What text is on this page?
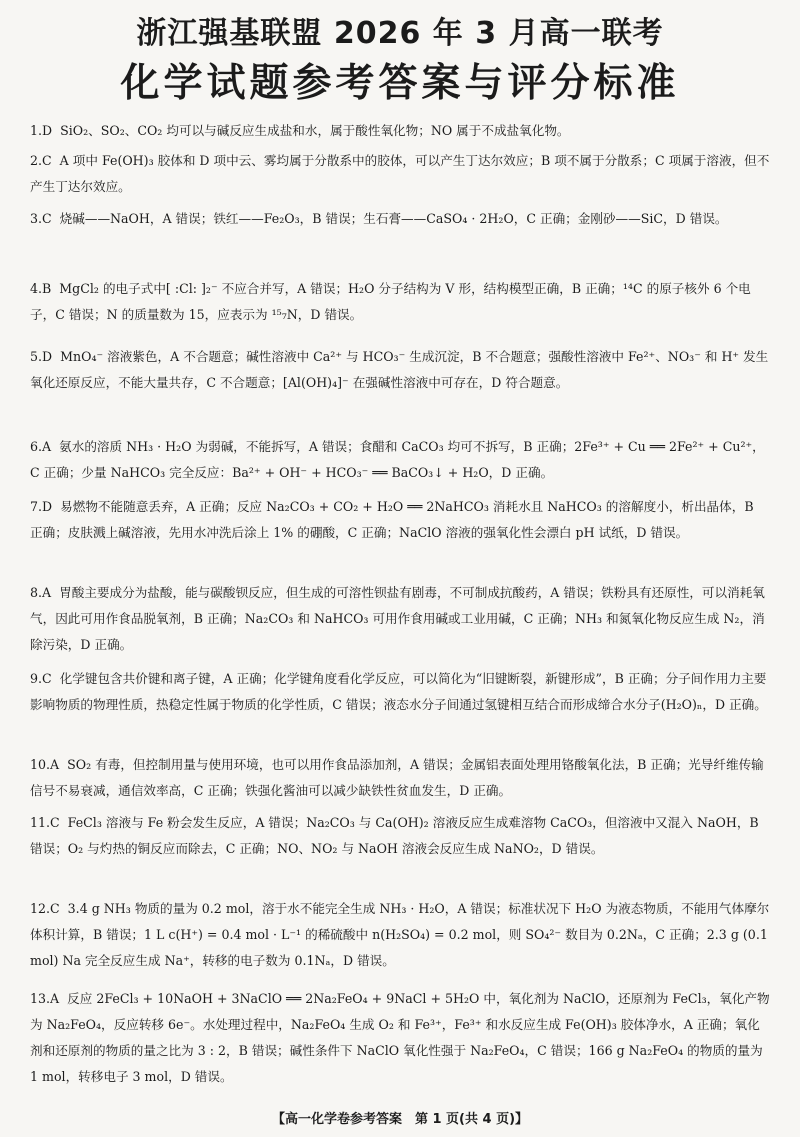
浙江强基联盟 2026 年 3 月高一联考
化学试题参考答案与评分标准
1.D SiO₂、SO₂、CO₂ 均可以与碱反应生成盐和水，属于酸性氧化物；NO 属于不成盐氧化物。
2.C A 项中 Fe(OH)₃ 胶体和 D 项中云、雾均属于分散系中的胶体，可以产生丁达尔效应；B 项不属于分散系；C 项属于溶液，但不产生丁达尔效应。
3.C 烧碱——NaOH，A 错误；铁红——Fe₂O₃，B 错误；生石膏——CaSO₄ · 2H₂O，C 正确；金刚砂——SiC，D 错误。
4.B MgCl₂ 的电子式中[ :Cl: ]₂⁻ 不应合并写，A 错误；H₂O 分子结构为 V 形，结构模型正确，B 正确；¹⁴C 的原子核外 6 个电子，C 错误；N 的质量数为 15，应表示为 ¹⁵₇N，D 错误。
5.D MnO₄⁻ 溶液紫色，A 不合题意；碱性溶液中 Ca²⁺ 与 HCO₃⁻ 生成沉淀，B 不合题意；强酸性溶液中 Fe²⁺、NO₃⁻ 和 H⁺ 发生氧化还原反应，不能大量共存，C 不合题意；[Al(OH)₄]⁻ 在强碱性溶液中可存在，D 符合题意。
6.A 氨水的溶质 NH₃ · H₂O 为弱碱，不能拆写，A 错误；食醋和 CaCO₃ 均可不拆写，B 正确；2Fe³⁺ + Cu ══ 2Fe²⁺ + Cu²⁺，C 正确；少量 NaHCO₃ 完全反应：Ba²⁺ + OH⁻ + HCO₃⁻ ══ BaCO₃↓ + H₂O，D 正确。
7.D 易燃物不能随意丢弃，A 正确；反应 Na₂CO₃ + CO₂ + H₂O ══ 2NaHCO₃ 消耗水且 NaHCO₃ 的溶解度小，析出晶体，B 正确；皮肤溅上碱溶液，先用水冲洗后涂上 1% 的硼酸，C 正确；NaClO 溶液的强氧化性会漂白 pH 试纸，D 错误。
8.A 胃酸主要成分为盐酸，能与碳酸钡反应，但生成的可溶性钡盐有剧毒，不可制成抗酸药，A 错误；铁粉具有还原性，可以消耗氧气，因此可用作食品脱氧剂，B 正确；Na₂CO₃ 和 NaHCO₃ 可用作食用碱或工业用碱，C 正确；NH₃ 和氮氧化物反应生成 N₂，消除污染，D 正确。
9.C 化学键包含共价键和离子键，A 正确；化学键角度看化学反应，可以简化为“旧键断裂，新键形成”，B 正确；分子间作用力主要影响物质的物理性质，热稳定性属于物质的化学性质，C 错误；液态水分子间通过氢键相互结合而形成缔合水分子(H₂O)ₙ，D 正确。
10.A SO₂ 有毒，但控制用量与使用环境，也可以用作食品添加剂，A 错误；金属铝表面处理用铬酸氧化法，B 正确；光导纤维传输信号不易衰减，通信效率高，C 正确；铁强化酱油可以减少缺铁性贫血发生，D 正确。
11.C FeCl₃ 溶液与 Fe 粉会发生反应，A 错误；Na₂CO₃ 与 Ca(OH)₂ 溶液反应生成难溶物 CaCO₃，但溶液中又混入 NaOH，B 错误；O₂ 与灼热的铜反应而除去，C 正确；NO、NO₂ 与 NaOH 溶液会反应生成 NaNO₂，D 错误。
12.C 3.4 g NH₃ 物质的量为 0.2 mol，溶于水不能完全生成 NH₃ · H₂O，A 错误；标准状况下 H₂O 为液态物质，不能用气体摩尔体积计算，B 错误；1 L c(H⁺) = 0.4 mol · L⁻¹ 的稀硫酸中 n(H₂SO₄) = 0.2 mol，则 SO₄²⁻ 数目为 0.2Nₐ，C 正确；2.3 g (0.1 mol) Na 完全反应生成 Na⁺，转移的电子数为 0.1Nₐ，D 错误。
13.A 反应 2FeCl₃ + 10NaOH + 3NaClO ══ 2Na₂FeO₄ + 9NaCl + 5H₂O 中，氧化剂为 NaClO，还原剂为 FeCl₃，氧化产物为 Na₂FeO₄，反应转移 6e⁻。水处理过程中，Na₂FeO₄ 生成 O₂ 和 Fe³⁺，Fe³⁺ 和水反应生成 Fe(OH)₃ 胶体净水，A 正确；氧化剂和还原剂的物质的量之比为 3 : 2，B 错误；碱性条件下 NaClO 氧化性强于 Na₂FeO₄，C 错误；166 g Na₂FeO₄ 的物质的量为 1 mol，转移电子 3 mol，D 错误。
【高一化学卷参考答案　第 1 页(共 4 页)】
